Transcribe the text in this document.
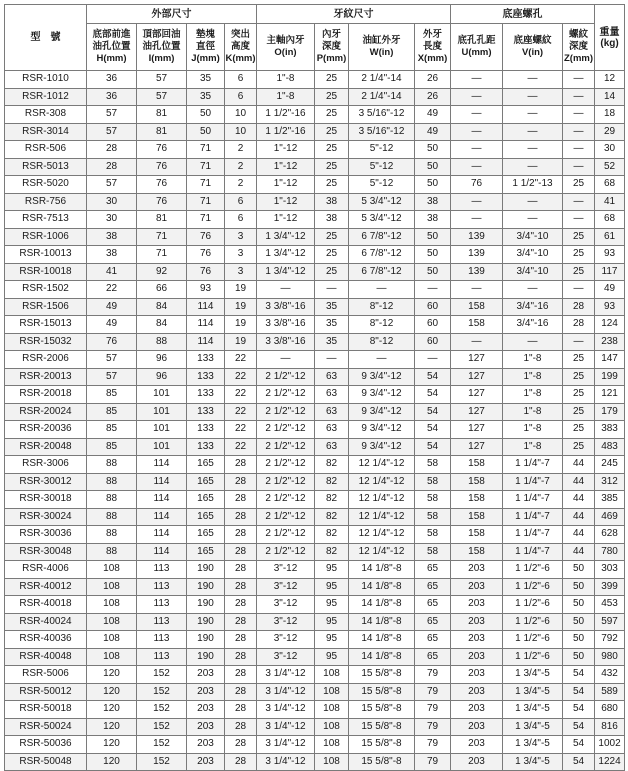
型　號	外部尺寸				牙紋尺寸				底座螺孔			重量
(kg)

	底部前進
油孔位置
H(mm)	頂部回油
油孔位置
I(mm)	墊塊
直徑
J(mm)	突出
高度
K(mm)	主軸內牙
O(in)	內牙
深度
P(mm)	油缸外牙
W(in)	外牙
長度
X(mm)	底孔孔距
U(mm)	底座螺紋
V(in)	螺紋
深度
Z(mm)	

RSR-1010	36	57	35	6	1"-8	25	2 1/4"-14	26	—	—	—	12
RSR-1012	36	57	35	6	1"-8	25	2 1/4"-14	26	—	—	—	14
RSR-308	57	81	50	10	1 1/2"-16	25	3 5/16"-12	49	—	—	—	18
RSR-3014	57	81	50	10	1 1/2"-16	25	3 5/16"-12	49	—	—	—	29
RSR-506	28	76	71	2	1"-12	25	5"-12	50	—	—	—	30
RSR-5013	28	76	71	2	1"-12	25	5"-12	50	—	—	—	52
RSR-5020	57	76	71	2	1"-12	25	5"-12	50	76	1 1/2"-13	25	68
RSR-756	30	76	71	6	1"-12	38	5 3/4"-12	38	—	—	—	41
RSR-7513	30	81	71	6	1"-12	38	5 3/4"-12	38	—	—	—	68
RSR-1006	38	71	76	3	1 3/4"-12	25	6 7/8"-12	50	139	3/4"-10	25	61
RSR-10013	38	71	76	3	1 3/4"-12	25	6 7/8"-12	50	139	3/4"-10	25	93
RSR-10018	41	92	76	3	1 3/4"-12	25	6 7/8"-12	50	139	3/4"-10	25	117
RSR-1502	22	66	93	19	—	—	—	—	—	—	—	49
RSR-1506	49	84	114	19	3 3/8"-16	35	8"-12	60	158	3/4"-16	28	93
RSR-15013	49	84	114	19	3 3/8"-16	35	8"-12	60	158	3/4"-16	28	124
RSR-15032	76	88	114	19	3 3/8"-16	35	8"-12	60	—	—	—	238
RSR-2006	57	96	133	22	—	—	—	—	127	1"-8	25	147
RSR-20013	57	96	133	22	2 1/2"-12	63	9 3/4"-12	54	127	1"-8	25	199
RSR-20018	85	101	133	22	2 1/2"-12	63	9 3/4"-12	54	127	1"-8	25	121
RSR-20024	85	101	133	22	2 1/2"-12	63	9 3/4"-12	54	127	1"-8	25	179
RSR-20036	85	101	133	22	2 1/2"-12	63	9 3/4"-12	54	127	1"-8	25	383
RSR-20048	85	101	133	22	2 1/2"-12	63	9 3/4"-12	54	127	1"-8	25	483
RSR-3006	88	114	165	28	2 1/2"-12	82	12 1/4"-12	58	158	1 1/4"-7	44	245
RSR-30012	88	114	165	28	2 1/2"-12	82	12 1/4"-12	58	158	1 1/4"-7	44	312
RSR-30018	88	114	165	28	2 1/2"-12	82	12 1/4"-12	58	158	1 1/4"-7	44	385
RSR-30024	88	114	165	28	2 1/2"-12	82	12 1/4"-12	58	158	1 1/4"-7	44	469
RSR-30036	88	114	165	28	2 1/2"-12	82	12 1/4"-12	58	158	1 1/4"-7	44	628
RSR-30048	88	114	165	28	2 1/2"-12	82	12 1/4"-12	58	158	1 1/4"-7	44	780
RSR-4006	108	113	190	28	3"-12	95	14 1/8"-8	65	203	1 1/2"-6	50	303
RSR-40012	108	113	190	28	3"-12	95	14 1/8"-8	65	203	1 1/2"-6	50	399
RSR-40018	108	113	190	28	3"-12	95	14 1/8"-8	65	203	1 1/2"-6	50	453
RSR-40024	108	113	190	28	3"-12	95	14 1/8"-8	65	203	1 1/2"-6	50	597
RSR-40036	108	113	190	28	3"-12	95	14 1/8"-8	65	203	1 1/2"-6	50	792
RSR-40048	108	113	190	28	3"-12	95	14 1/8"-8	65	203	1 1/2"-6	50	980
RSR-5006	120	152	203	28	3 1/4"-12	108	15 5/8"-8	79	203	1 3/4"-5	54	432
RSR-50012	120	152	203	28	3 1/4"-12	108	15 5/8"-8	79	203	1 3/4"-5	54	589
RSR-50018	120	152	203	28	3 1/4"-12	108	15 5/8"-8	79	203	1 3/4"-5	54	680
RSR-50024	120	152	203	28	3 1/4"-12	108	15 5/8"-8	79	203	1 3/4"-5	54	816
RSR-50036	120	152	203	28	3 1/4"-12	108	15 5/8"-8	79	203	1 3/4"-5	54	1002
RSR-50048	120	152	203	28	3 1/4"-12	108	15 5/8"-8	79	203	1 3/4"-5	54	1224
